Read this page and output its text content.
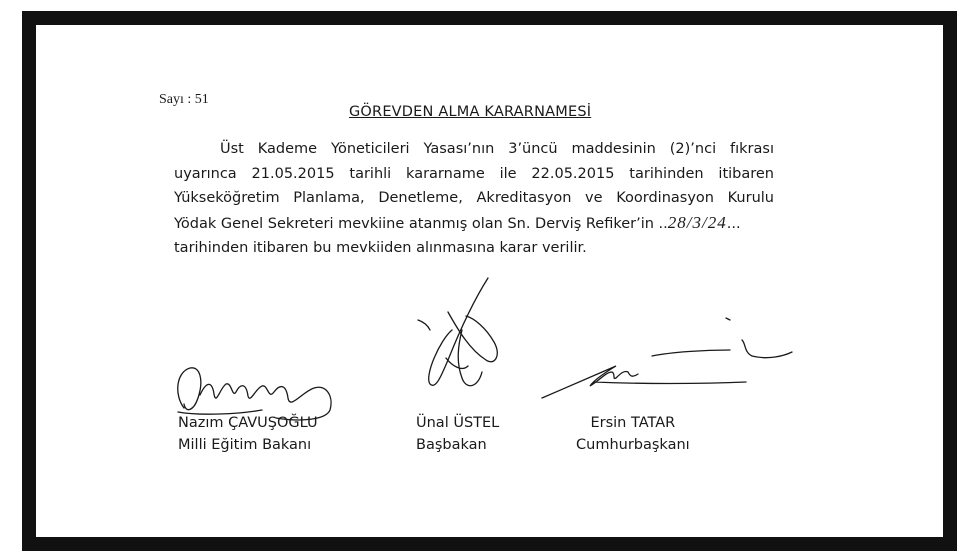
Sayı : 51
GÖREVDEN ALMA KARARNAMESİ
Üst Kademe Yöneticileri Yasası’nın 3’üncü maddesinin (2)’nci fıkrası
uyarınca 21.05.2015 tarihli kararname ile 22.05.2015 tarihinden itibaren
Yükseköğretim Planlama, Denetleme, Akreditasyon ve Koordinasyon Kurulu
Yödak Genel Sekreteri mevkiine atanmış olan Sn. Derviş Refiker’in ..28/3/24...
tarihinden itibaren bu mevkiiden alınmasına karar verilir.
Nazım ÇAVUŞOĞLU
Milli Eğitim Bakanı
Ünal ÜSTEL
Başbakan
Ersin TATAR
Cumhurbaşkanı
